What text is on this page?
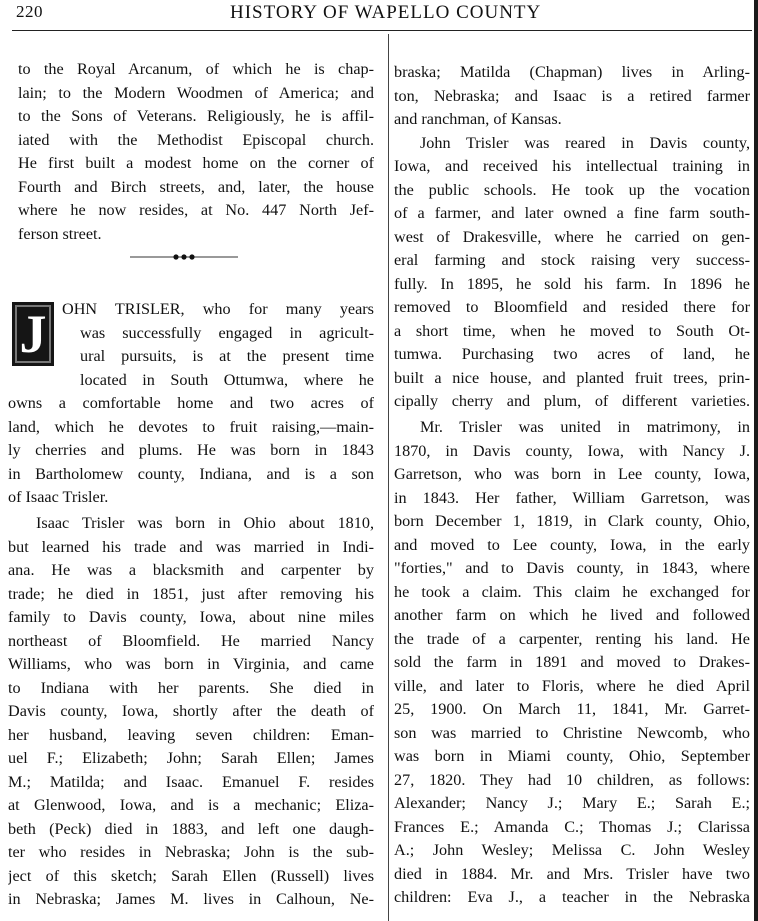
220	HISTORY OF WAPELLO COUNTY
to the Royal Arcanum, of which he is chap-
lain; to the Modern Woodmen of America; and
to the Sons of Veterans. Religiously, he is affil-
iated with the Methodist Episcopal church.
He first built a modest home on the corner of
Fourth and Birch streets, and, later, the house
where he now resides, at No. 447 North Jef-
ferson street.
J OHN TRISLER, who for many years
was successfully engaged in agricult-
ural pursuits, is at the present time
located in South Ottumwa, where he
owns a comfortable home and two acres of
land, which he devotes to fruit raising,—main-
ly cherries and plums. He was born in 1843
in Bartholomew county, Indiana, and is a son
of Isaac Trisler.
Isaac Trisler was born in Ohio about 1810,
but learned his trade and was married in Indi-
ana. He was a blacksmith and carpenter by
trade; he died in 1851, just after removing his
family to Davis county, Iowa, about nine miles
northeast of Bloomfield. He married Nancy
Williams, who was born in Virginia, and came
to Indiana with her parents. She died in
Davis county, Iowa, shortly after the death of
her husband, leaving seven children: Eman-
uel F.; Elizabeth; John; Sarah Ellen; James
M.; Matilda; and Isaac. Emanuel F. resides
at Glenwood, Iowa, and is a mechanic; Eliza-
beth (Peck) died in 1883, and left one daugh-
ter who resides in Nebraska; John is the sub-
ject of this sketch; Sarah Ellen (Russell) lives
in Nebraska; James M. lives in Calhoun, Ne-
braska; Matilda (Chapman) lives in Arling-
ton, Nebraska; and Isaac is a retired farmer
and ranchman, of Kansas.
John Trisler was reared in Davis county,
Iowa, and received his intellectual training in
the public schools. He took up the vocation
of a farmer, and later owned a fine farm south-
west of Drakesville, where he carried on gen-
eral farming and stock raising very success-
fully. In 1895, he sold his farm. In 1896 he
removed to Bloomfield and resided there for
a short time, when he moved to South Ot-
tumwa. Purchasing two acres of land, he
built a nice house, and planted fruit trees, prin-
cipally cherry and plum, of different varieties.
Mr. Trisler was united in matrimony, in
1870, in Davis county, Iowa, with Nancy J.
Garretson, who was born in Lee county, Iowa,
in 1843. Her father, William Garretson, was
born December 1, 1819, in Clark county, Ohio,
and moved to Lee county, Iowa, in the early
"forties," and to Davis county, in 1843, where
he took a claim. This claim he exchanged for
another farm on which he lived and followed
the trade of a carpenter, renting his land. He
sold the farm in 1891 and moved to Drakes-
ville, and later to Floris, where he died April
25, 1900. On March 11, 1841, Mr. Garret-
son was married to Christine Newcomb, who
was born in Miami county, Ohio, September
27, 1820. They had 10 children, as follows:
Alexander; Nancy J.; Mary E.; Sarah E.;
Frances E.; Amanda C.; Thomas J.; Clarissa
A.; John Wesley; Melissa C. John Wesley
died in 1884. Mr. and Mrs. Trisler have two
children: Eva J., a teacher in the Nebraska
